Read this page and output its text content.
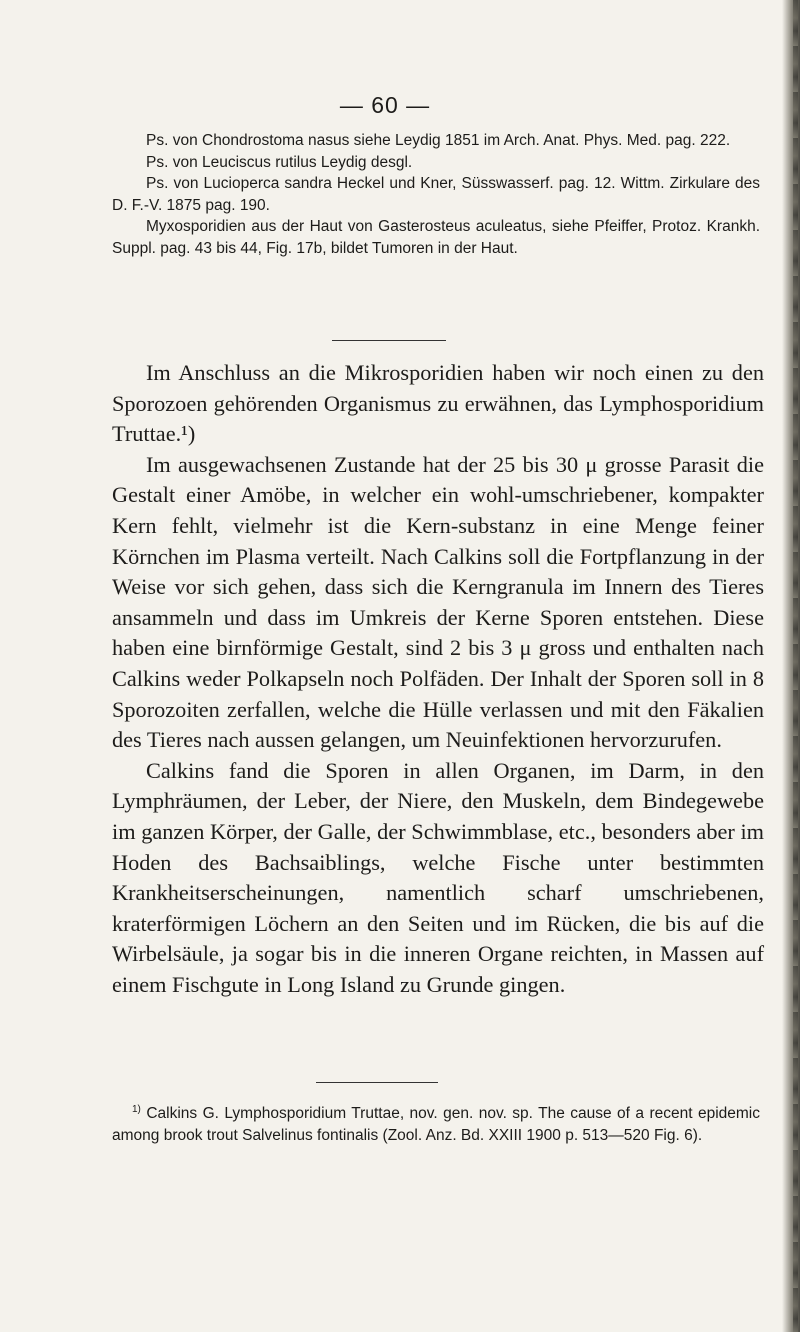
— 60 —

Ps. von Chondrostoma nasus siehe Leydig 1851 im Arch. Anat. Phys. Med. pag. 222.

Ps. von Leuciscus rutilus Leydig desgl.

Ps. von Lucioperca sandra Heckel und Kner, Süsswasserf. pag. 12. Wittm. Zirkulare des D. F.-V. 1875 pag. 190.

Myxosporidien aus der Haut von Gasterosteus aculeatus, siehe Pfeiffer, Protoz. Krankh. Suppl. pag. 43 bis 44, Fig. 17b, bildet Tumoren in der Haut.

Im Anschluss an die Mikrosporidien haben wir noch einen zu den Sporozoen gehörenden Organismus zu erwähnen, das Lymphosporidium Truttae.¹)

Im ausgewachsenen Zustande hat der 25 bis 30 μ grosse Parasit die Gestalt einer Amöbe, in welcher ein wohl-umschriebener, kompakter Kern fehlt, vielmehr ist die Kern-substanz in eine Menge feiner Körnchen im Plasma verteilt. Nach Calkins soll die Fortpflanzung in der Weise vor sich gehen, dass sich die Kerngranula im Innern des Tieres ansammeln und dass im Umkreis der Kerne Sporen entstehen. Diese haben eine birnförmige Gestalt, sind 2 bis 3 μ gross und enthalten nach Calkins weder Polkapseln noch Polfäden. Der Inhalt der Sporen soll in 8 Sporozoiten zerfallen, welche die Hülle verlassen und mit den Fäkalien des Tieres nach aussen gelangen, um Neuinfektionen hervorzurufen.

Calkins fand die Sporen in allen Organen, im Darm, in den Lymphräumen, der Leber, der Niere, den Muskeln, dem Bindegewebe im ganzen Körper, der Galle, der Schwimmblase, etc., besonders aber im Hoden des Bachsaiblings, welche Fische unter bestimmten Krankheitserscheinungen, namentlich scharf umschriebenen, kraterförmigen Löchern an den Seiten und im Rücken, die bis auf die Wirbelsäule, ja sogar bis in die inneren Organe reichten, in Massen auf einem Fischgute in Long Island zu Grunde gingen.

$^{1)}$ Calkins G. Lymphosporidium Truttae, nov. gen. nov. sp. The cause of a recent epidemic among brook trout Salvelinus fontinalis (Zool. Anz. Bd. XXIII 1900 p. 513—520 Fig. 6).
